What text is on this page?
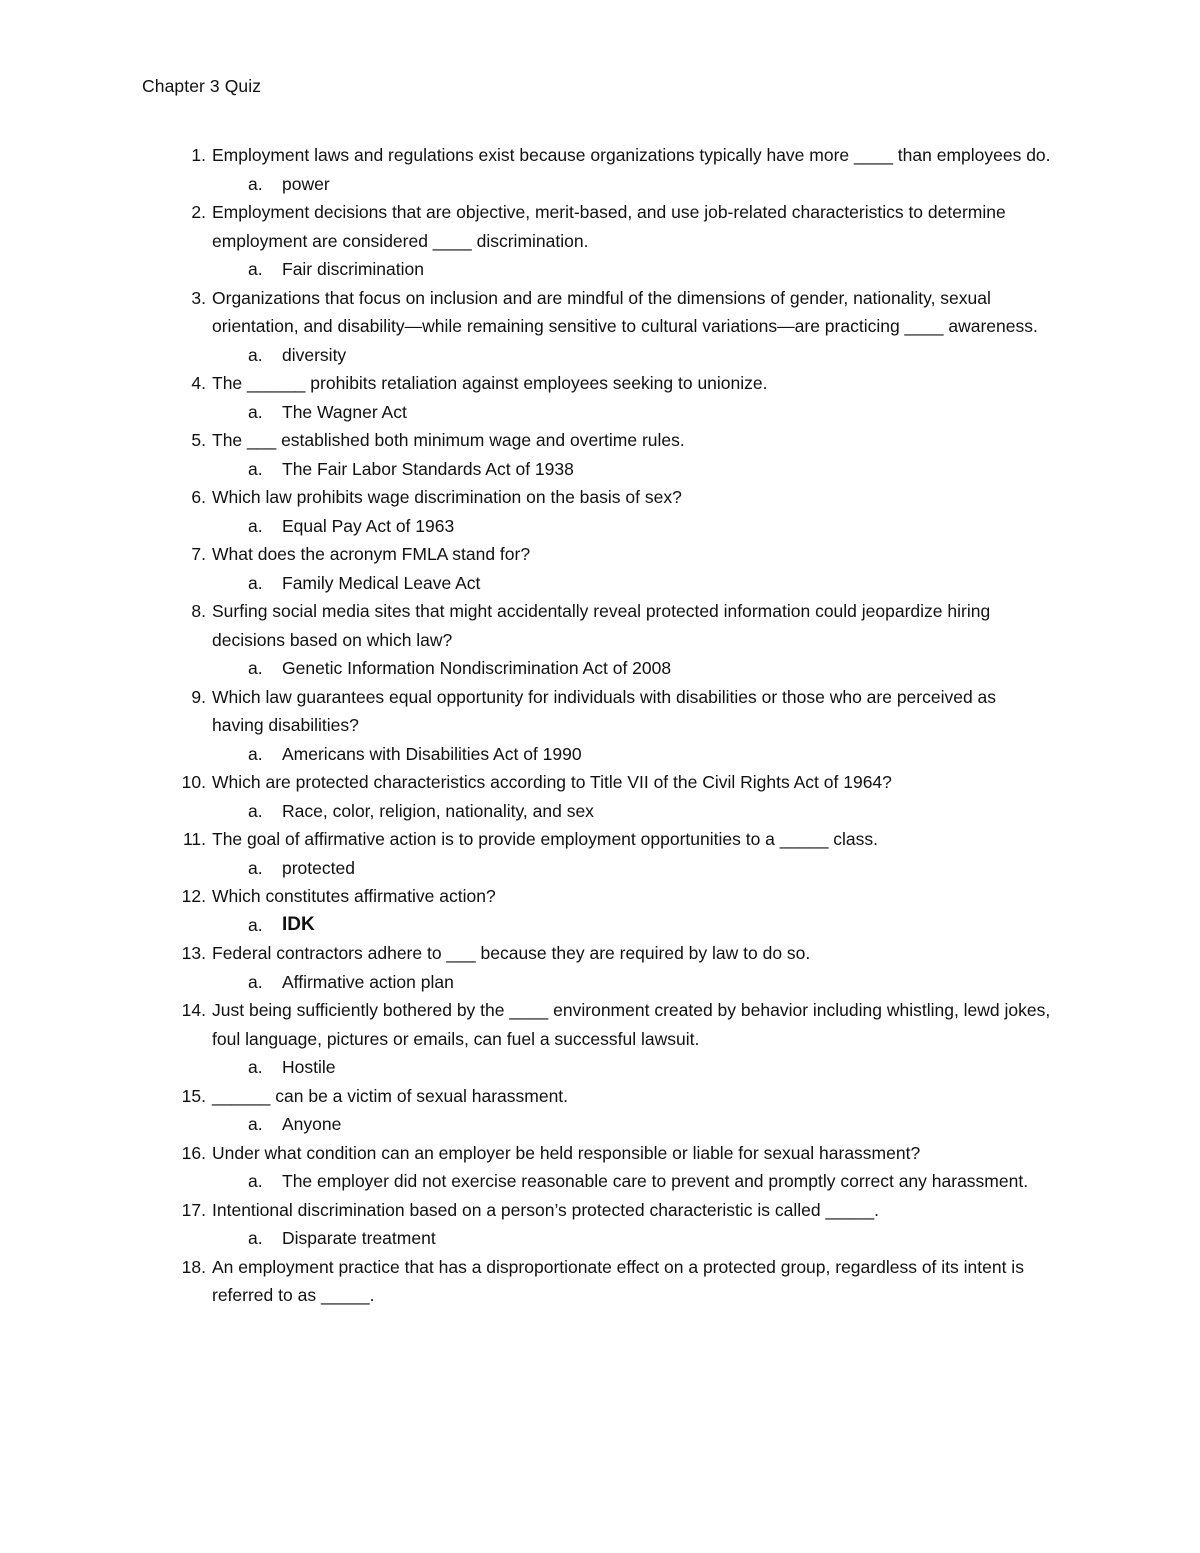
Chapter 3 Quiz
1. Employment laws and regulations exist because organizations typically have more ____ than employees do.
a. power
2. Employment decisions that are objective, merit-based, and use job-related characteristics to determine employment are considered ____ discrimination.
a. Fair discrimination
3. Organizations that focus on inclusion and are mindful of the dimensions of gender, nationality, sexual orientation, and disability—while remaining sensitive to cultural variations—are practicing ____ awareness.
a. diversity
4. The ______ prohibits retaliation against employees seeking to unionize.
a. The Wagner Act
5. The ___ established both minimum wage and overtime rules.
a. The Fair Labor Standards Act of 1938
6. Which law prohibits wage discrimination on the basis of sex?
a. Equal Pay Act of 1963
7. What does the acronym FMLA stand for?
a. Family Medical Leave Act
8. Surfing social media sites that might accidentally reveal protected information could jeopardize hiring decisions based on which law?
a. Genetic Information Nondiscrimination Act of 2008
9. Which law guarantees equal opportunity for individuals with disabilities or those who are perceived as having disabilities?
a. Americans with Disabilities Act of 1990
10. Which are protected characteristics according to Title VII of the Civil Rights Act of 1964?
a. Race, color, religion, nationality, and sex
11. The goal of affirmative action is to provide employment opportunities to a _____ class.
a. protected
12. Which constitutes affirmative action?
a. IDK
13. Federal contractors adhere to ___ because they are required by law to do so.
a. Affirmative action plan
14. Just being sufficiently bothered by the ____ environment created by behavior including whistling, lewd jokes, foul language, pictures or emails, can fuel a successful lawsuit.
a. Hostile
15. ______ can be a victim of sexual harassment.
a. Anyone
16. Under what condition can an employer be held responsible or liable for sexual harassment?
a. The employer did not exercise reasonable care to prevent and promptly correct any harassment.
17. Intentional discrimination based on a person’s protected characteristic is called _____.
a. Disparate treatment
18. An employment practice that has a disproportionate effect on a protected group, regardless of its intent is referred to as _____.
